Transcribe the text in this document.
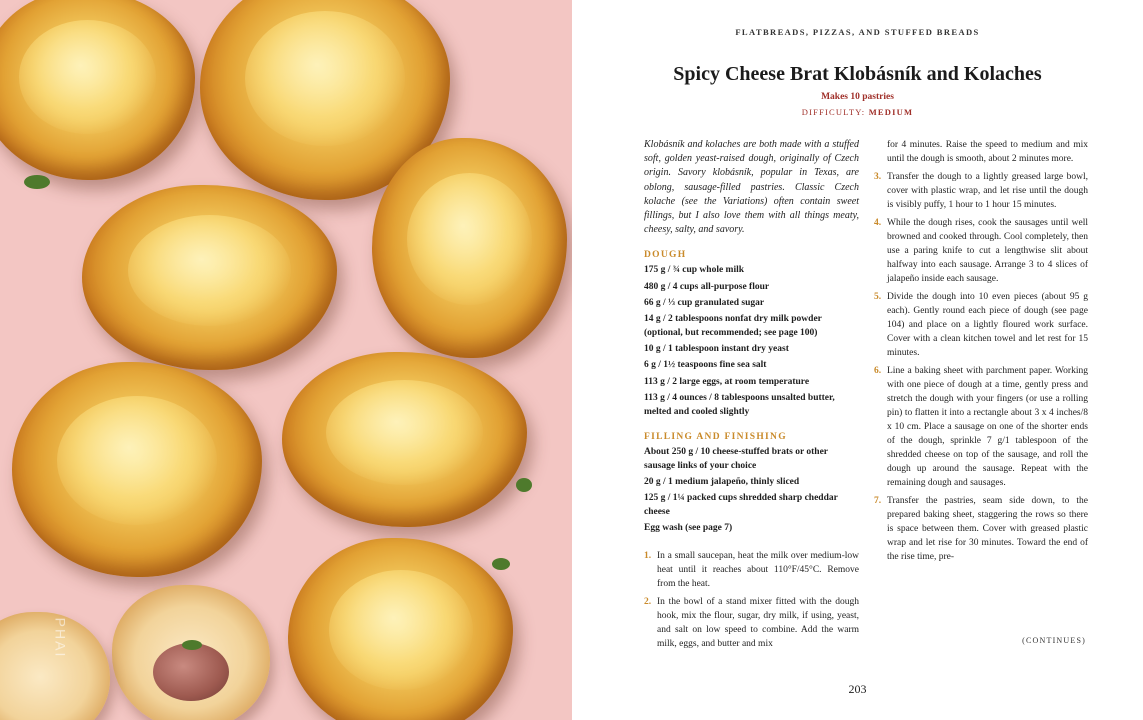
PHAI
FLATBREADS, PIZZAS, AND STUFFED BREADS
Spicy Cheese Brat Klobásník and Kolaches
Makes 10 pastries
DIFFICULTY: MEDIUM

Klobásník and kolaches are both made with a stuffed soft, golden yeast-raised dough, originally of Czech origin. Savory klobásník, popular in Texas, are oblong, sausage-filled pastries. Classic Czech kolache (see the Variations) often contain sweet fillings, but I also love them with all things meaty, cheesy, salty, and savory.

DOUGH
175 g / ¾ cup whole milk
480 g / 4 cups all-purpose flour
66 g / ⅓ cup granulated sugar
14 g / 2 tablespoons nonfat dry milk powder (optional, but recommended; see page 100)
10 g / 1 tablespoon instant dry yeast
6 g / 1½ teaspoons fine sea salt
113 g / 2 large eggs, at room temperature
113 g / 4 ounces / 8 tablespoons unsalted butter, melted and cooled slightly
FILLING AND FINISHING
About 250 g / 10 cheese-stuffed brats or other sausage links of your choice
20 g / 1 medium jalapeño, thinly sliced
125 g / 1¼ packed cups shredded sharp cheddar cheese
Egg wash (see page 7)
1. In a small saucepan, heat the milk over medium-low heat until it reaches about 110°F/45°C. Remove from the heat.
2. In the bowl of a stand mixer fitted with the dough hook, mix the flour, sugar, dry milk, if using, yeast, and salt on low speed to combine. Add the warm milk, eggs, and butter and mix

for 4 minutes. Raise the speed to medium and mix until the dough is smooth, about 2 minutes more.

3. Transfer the dough to a lightly greased large bowl, cover with plastic wrap, and let rise until the dough is visibly puffy, 1 hour to 1 hour 15 minutes.
4. While the dough rises, cook the sausages until well browned and cooked through. Cool completely, then use a paring knife to cut a lengthwise slit about halfway into each sausage. Arrange 3 to 4 slices of jalapeño inside each sausage.
5. Divide the dough into 10 even pieces (about 95 g each). Gently round each piece of dough (see page 104) and place on a lightly floured work surface. Cover with a clean kitchen towel and let rest for 15 minutes.
6. Line a baking sheet with parchment paper. Working with one piece of dough at a time, gently press and stretch the dough with your fingers (or use a rolling pin) to flatten it into a rectangle about 3 x 4 inches/8 x 10 cm. Place a sausage on one of the shorter ends of the dough, sprinkle 7 g/1 tablespoon of the shredded cheese on top of the sausage, and roll the dough up around the sausage. Repeat with the remaining dough and sausages.
7. Transfer the pastries, seam side down, to the prepared baking sheet, staggering the rows so there is space between them. Cover with greased plastic wrap and let rise for 30 minutes. Toward the end of the rise time, pre-
(CONTINUES)
203
